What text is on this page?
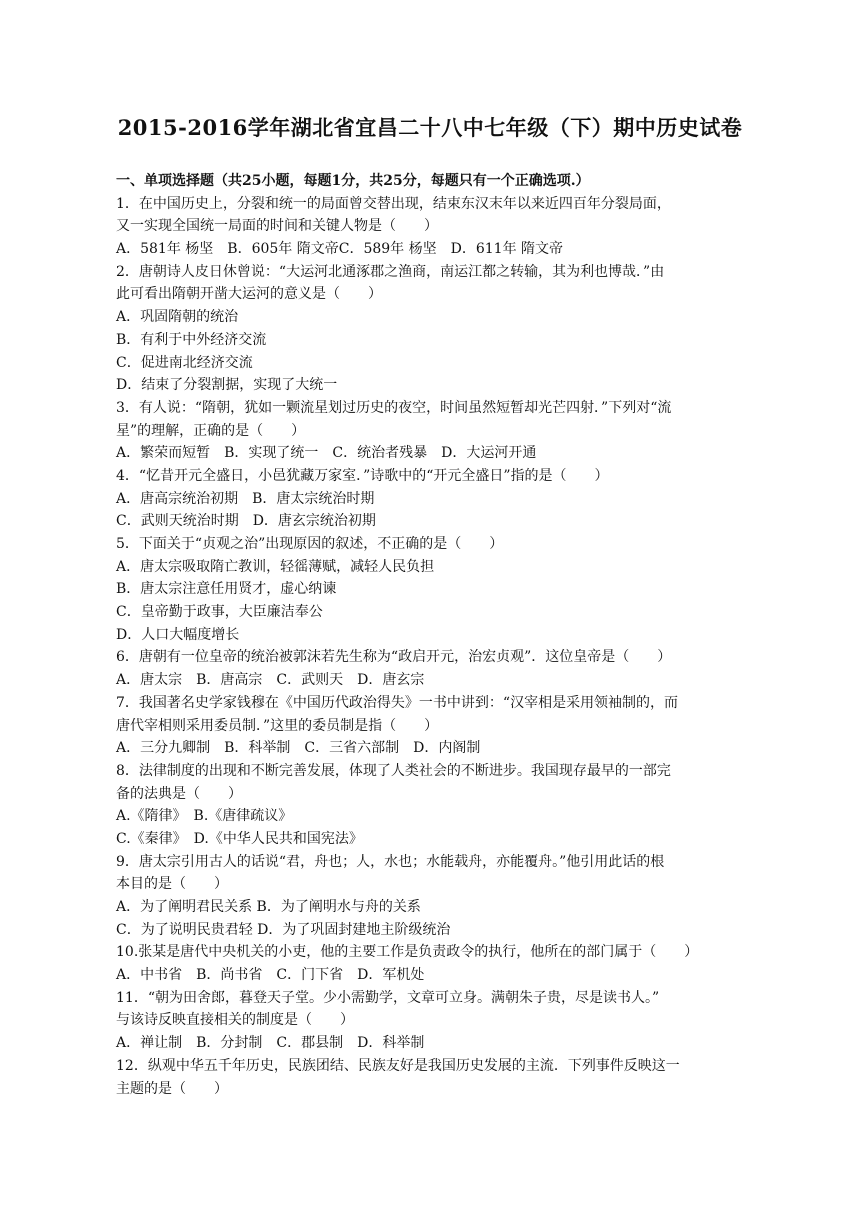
2015-2016学年湖北省宜昌二十八中七年级（下）期中历史试卷
一、单项选择题（共25小题，每题1分，共25分，每题只有一个正确选项.）
1．在中国历史上，分裂和统一的局面曾交替出现，结束东汉末年以来近四百年分裂局面，
又一实现全国统一局面的时间和关键人物是（　　）
A．581年 杨坚　B．605年 隋文帝C．589年 杨坚　D．611年 隋文帝
2．唐朝诗人皮日休曾说：“大运河北通涿郡之渔商，南运江都之转输，其为利也博哉．”由
此可看出隋朝开凿大运河的意义是（　　）
A．巩固隋朝的统治
B．有利于中外经济交流
C．促进南北经济交流
D．结束了分裂割据，实现了大统一
3．有人说：“隋朝，犹如一颗流星划过历史的夜空，时间虽然短暂却光芒四射．”下列对“流
星”的理解，正确的是（　　）
A．繁荣而短暂　B．实现了统一　C．统治者残暴　D．大运河开通
4．“忆昔开元全盛日，小邑犹藏万家室．”诗歌中的“开元全盛日”指的是（　　）
A．唐高宗统治初期　B．唐太宗统治时期
C．武则天统治时期　D．唐玄宗统治初期
5．下面关于“贞观之治”出现原因的叙述，不正确的是（　　）
A．唐太宗吸取隋亡教训，轻徭薄赋，减轻人民负担
B．唐太宗注意任用贤才，虚心纳谏
C．皇帝勤于政事，大臣廉洁奉公
D．人口大幅度增长
6．唐朝有一位皇帝的统治被郭沫若先生称为“政启开元，治宏贞观”．这位皇帝是（　　）
A．唐太宗　B．唐高宗　C．武则天　D．唐玄宗
7．我国著名史学家钱穆在《中国历代政治得失》一书中讲到：“汉宰相是采用领袖制的，而
唐代宰相则采用委员制．”这里的委员制是指（　　）
A．三分九卿制　B．科举制　C．三省六部制　D．内阁制
8．法律制度的出现和不断完善发展，体现了人类社会的不断进步。我国现存最早的一部完
备的法典是（　　）
A.《隋律》　B.《唐律疏议》
C.《秦律》　D.《中华人民共和国宪法》
9．唐太宗引用古人的话说“君，舟也；人，水也；水能载舟，亦能覆舟。”他引用此话的根
本目的是（　　）
A．为了阐明君民关系 B．为了阐明水与舟的关系
C．为了说明民贵君轻 D．为了巩固封建地主阶级统治
10.张某是唐代中央机关的小吏，他的主要工作是负责政令的执行，他所在的部门属于（　　）
A．中书省　B．尚书省　C．门下省　D．军机处
11．“朝为田舍郎，暮登天子堂。少小需勤学，文章可立身。满朝朱子贵，尽是读书人。”
与该诗反映直接相关的制度是（　　）
A．禅让制　B．分封制　C．郡县制　D．科举制
12．纵观中华五千年历史，民族团结、民族友好是我国历史发展的主流．下列事件反映这一
主题的是（　　）
